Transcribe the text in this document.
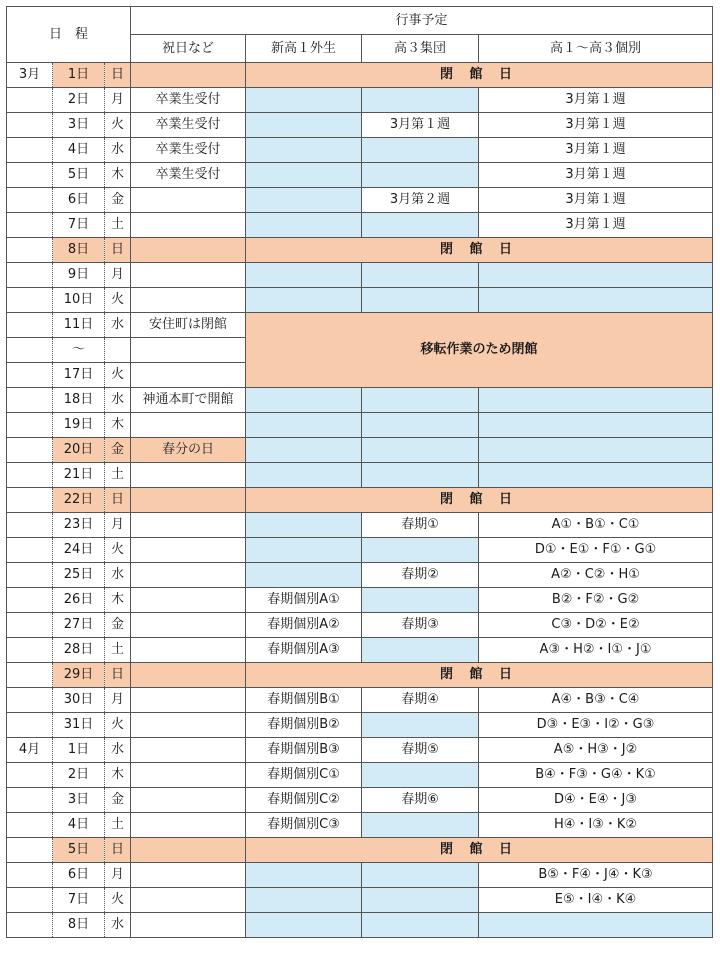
日　程			行事予定			
			祝日など	新高１外生	高３集団	高１～高３個別
3月	1日	日		閉 館 日		
	2日	月	卒業生受付			3月第１週
	3日	火	卒業生受付		3月第１週	3月第１週
	4日	水	卒業生受付			3月第１週
	5日	木	卒業生受付			3月第１週
	6日	金			3月第２週	3月第１週
	7日	土				3月第１週
	8日	日		閉 館 日		
	9日	月				
	10日	火				
	11日	水	安住町は閉館	移転作業のため閉館		
	～					
	17日	火				
	18日	水	神通本町で開館			
	19日	木				
	20日	金	春分の日			
	21日	土				
	22日	日		閉 館 日		
	23日	月			春期①	A①・B①・C①
	24日	火				D①・E①・F①・G①
	25日	水			春期②	A②・C②・H①
	26日	木		春期個別A①		B②・F②・G②
	27日	金		春期個別A②	春期③	C③・D②・E②
	28日	土		春期個別A③		A③・H②・I①・J①
	29日	日		閉 館 日		
	30日	月		春期個別B①	春期④	A④・B③・C④
	31日	火		春期個別B②		D③・E③・I②・G③
4月	1日	水		春期個別B③	春期⑤	A⑤・H③・J②
	2日	木		春期個別C①		B④・F③・G④・K①
	3日	金		春期個別C②	春期⑥	D④・E④・J③
	4日	土		春期個別C③		H④・I③・K②
	5日	日		閉 館 日		
	6日	月				B⑤・F④・J④・K③
	7日	火				E⑤・I④・K④
	8日	水				
